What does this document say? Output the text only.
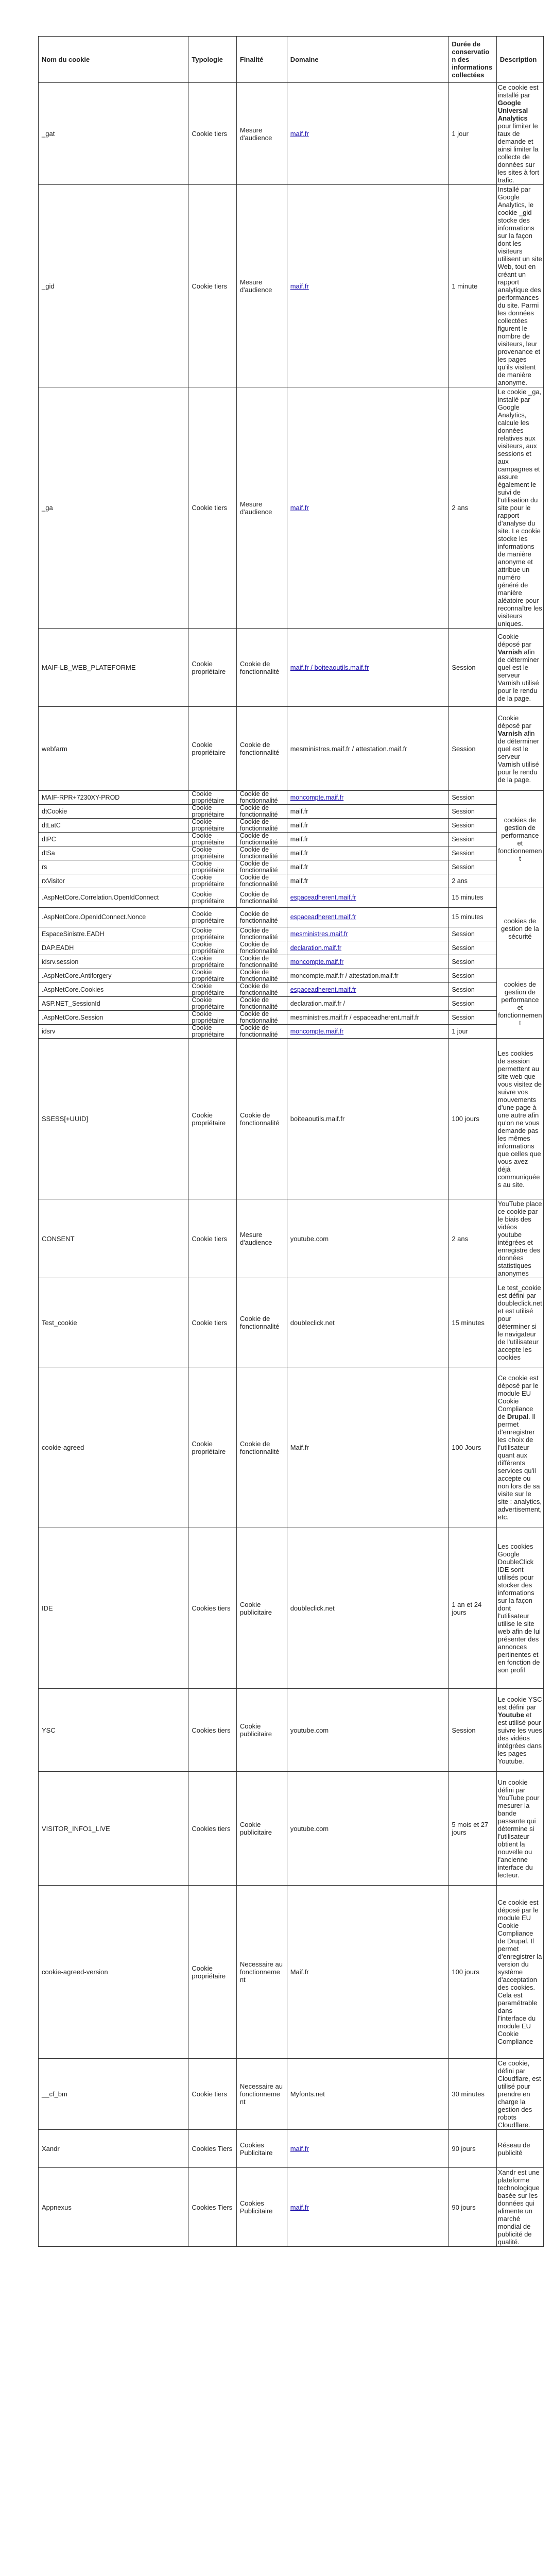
Nom du cookie	Typologie	Finalité	Domaine	Durée de conservation des informations collectées	Description
_gat	Cookie tiers	Mesure d'audience	maif.fr	1 jour	Ce cookie est installé par Google Universal Analytics pour limiter le taux de demande et ainsi limiter la collecte de données sur les sites à fort trafic.
_gid	Cookie tiers	Mesure d'audience	maif.fr	1 minute	Installé par Google Analytics, le cookie _gid stocke des informations sur la façon dont les visiteurs utilisent un site Web, tout en créant un rapport analytique des performances du site. Parmi les données collectées figurent le nombre de visiteurs, leur provenance et les pages qu'ils visitent de manière anonyme.
_ga	Cookie tiers	Mesure d'audience	maif.fr	2 ans	Le cookie _ga, installé par Google Analytics, calcule les données relatives aux visiteurs, aux sessions et aux campagnes et assure également le suivi de l'utilisation du site pour le rapport d'analyse du site. Le cookie stocke les informations de manière anonyme et attribue un numéro généré de manière aléatoire pour reconnaître les visiteurs uniques.
MAIF-LB_WEB_PLATEFORME	Cookie propriétaire	Cookie de fonctionnalité	maif.fr / boiteaoutils.maif.fr	Session	Cookie déposé par Varnish afin de déterminer quel est le serveur Varnish utilisé pour le rendu de la page.
webfarm	Cookie propriétaire	Cookie de fonctionnalité	mesministres.maif.fr / attestation.maif.fr	Session	Cookie déposé par Varnish afin de déterminer quel est le serveur Varnish utilisé pour le rendu de la page.
MAIF-RPR+7230XY-PROD	Cookie propriétaire	Cookie de fonctionnalité	moncompte.maif.fr	Session	cookies de gestion de performance et fonctionnement
dtCookie	Cookie propriétaire	Cookie de fonctionnalité	maif.fr	Session
dtLatC	Cookie propriétaire	Cookie de fonctionnalité	maif.fr	Session
dtPC	Cookie propriétaire	Cookie de fonctionnalité	maif.fr	Session
dtSa	Cookie propriétaire	Cookie de fonctionnalité	maif.fr	Session
rs	Cookie propriétaire	Cookie de fonctionnalité	maif.fr	Session
rxVisitor	Cookie propriétaire	Cookie de fonctionnalité	maif.fr	2 ans
.AspNetCore.Correlation.OpenIdConnect	Cookie propriétaire	Cookie de fonctionnalité	espaceadherent.maif.fr	15 minutes	cookies de gestion de la sécurité
.AspNetCore.OpenIdConnect.Nonce	Cookie propriétaire	Cookie de fonctionnalité	espaceadherent.maif.fr	15 minutes
EspaceSinistre.EADH	Cookie propriétaire	Cookie de fonctionnalité	mesministres.maif.fr	Session
DAP.EADH	Cookie propriétaire	Cookie de fonctionnalité	declaration.maif.fr	Session
idsrv.session	Cookie propriétaire	Cookie de fonctionnalité	moncompte.maif.fr	Session
.AspNetCore.Antiforgery	Cookie propriétaire	Cookie de fonctionnalité	moncompte.maif.fr / attestation.maif.fr	Session	cookies de gestion de performance et fonctionnement
.AspNetCore.Cookies	Cookie propriétaire	Cookie de fonctionnalité	espaceadherent.maif.fr	Session
ASP.NET_SessionId	Cookie propriétaire	Cookie de fonctionnalité	declaration.maif.fr /	Session
.AspNetCore.Session	Cookie propriétaire	Cookie de fonctionnalité	mesministres.maif.fr / espaceadherent.maif.fr	Session
idsrv	Cookie propriétaire	Cookie de fonctionnalité	moncompte.maif.fr	1 jour
SSESS[+UUID]	Cookie propriétaire	Cookie de fonctionnalité	boiteaoutils.maif.fr	100 jours	Les cookies de session permettent au site web que vous visitez de suivre vos mouvements d'une page à une autre afin qu'on ne vous demande pas les mêmes informations que celles que vous avez déjà communiquées au site.
CONSENT	Cookie tiers	Mesure d'audience	youtube.com	2 ans	YouTube place ce cookie par le biais des vidéos youtube intégrées et enregistre des données statistiques anonymes
Test_cookie	Cookie tiers	Cookie de fonctionnalité	doubleclick.net	15 minutes	Le test_cookie est défini par doubleclick.net et est utilisé pour déterminer si le navigateur de l'utilisateur accepte les cookies
cookie-agreed	Cookie propriétaire	Cookie de fonctionnalité	Maif.fr	100 Jours	Ce cookie est déposé par le module EU Cookie Compliance de Drupal. Il permet d'enregistrer les choix de l'utilisateur quant aux différents services qu'il accepte ou non lors de sa visite sur le site : analytics, advertisement, etc.
IDE	Cookies tiers	Cookie publicitaire	doubleclick.net	1 an et 24 jours	Les cookies Google DoubleClick IDE sont utilisés pour stocker des informations sur la façon dont l'utilisateur utilise le site web afin de lui présenter des annonces pertinentes et en fonction de son profil
YSC	Cookies tiers	Cookie publicitaire	youtube.com	Session	Le cookie YSC est défini par Youtube et est utilisé pour suivre les vues des vidéos intégrées dans les pages Youtube.
VISITOR_INFO1_LIVE	Cookies tiers	Cookie publicitaire	youtube.com	5 mois et 27 jours	Un cookie défini par YouTube pour mesurer la bande passante qui détermine si l'utilisateur obtient la nouvelle ou l'ancienne interface du lecteur.
cookie-agreed-version	Cookie propriétaire	Necessaire au fonctionnement	Maif.fr	100 jours	Ce cookie est déposé par le module EU Cookie Compliance de Drupal. Il permet d'enregistrer la version du système d'acceptation des cookies. Cela est paramétrable dans l'interface du module EU Cookie Compliance
__cf_bm	Cookie tiers	Necessaire au fonctionnement	Myfonts.net	30 minutes	Ce cookie, défini par Cloudflare, est utilisé pour prendre en charge la gestion des robots Cloudflare.
Xandr	Cookies Tiers	Cookies Publicitaire	maif.fr	90 jours	Réseau de publicité
Appnexus	Cookies Tiers	Cookies Publicitaire	maif.fr	90 jours	Xandr est une plateforme technologique basée sur les données qui alimente un marché mondial de publicité de qualité.
